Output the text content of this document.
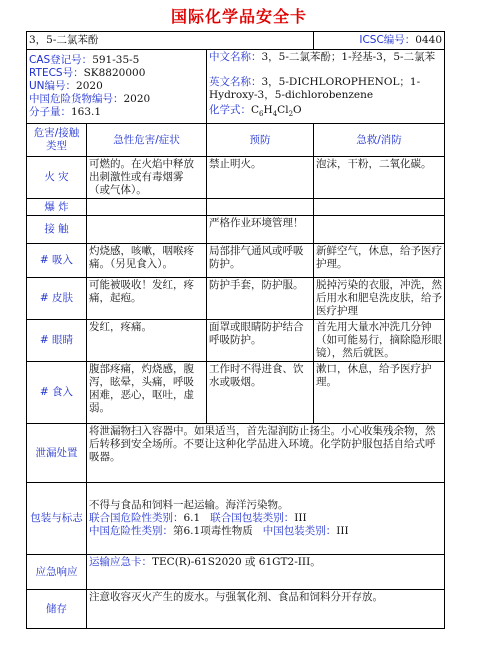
国际化学品安全卡
3，5-二氯苯酚			ICSC编号：0440

CAS登记号：591-35-5
RTECS号：SK8820000
UN编号：2020
中国危险货物编号：2020
分子量：163.1		中文名称：3，5-二氯苯酚；1-羟基-3，5-二氯苯
英文名称：3，5-DICHLOROPHENOL；1-Hydroxy-3，5-dichlorobenzene
化学式：$C_6H_4Cl_2O$	

危害/接触类型	急性危害/症状	预防	急救/消防
火 灾	可燃的。在火焰中释放出刺激性或有毒烟雾（或气体）。	禁止明火。	泡沫，干粉，二氧化碳。
爆 炸			
接 触		严格作业环境管理！	
# 吸入	灼烧感，咳嗽，咽喉疼痛。（另见食入）。	局部排气通风或呼吸防护。	新鲜空气，休息，给予医疗护理。
# 皮肤	可能被吸收！发红，疼痛，起疱。	防护手套，防护服。	脱掉污染的衣服，冲洗，然后用水和肥皂洗皮肤，给予医疗护理
# 眼睛	发红，疼痛。	面罩或眼睛防护结合呼吸防护。	首先用大量水冲洗几分钟（如可能易行，摘除隐形眼镜），然后就医。
# 食入	腹部疼痛，灼烧感，腹泻，眩晕，头痛，呼吸困难，恶心，呕吐，虚弱。	工作时不得进食、饮水或吸烟。	漱口，休息，给予医疗护理。
泄漏处置	将泄漏物扫入容器中。如果适当，首先湿润防止扬尘。小心收集残余物，然后转移到安全场所。不要让这种化学品进入环境。化学防护服包括自给式呼吸器。		
包装与标志	不得与食品和饲料一起运输。海洋污染物。
联合国危险性类别：6.1 联合国包装类别：III
中国危险性类别：第6.1项毒性物质 中国包装类别：III		

应急响应	运输应急卡：TEC(R)-61S2020 或 61GT2-III。		
储存	注意收容灭火产生的废水。与强氧化剂、食品和饲料分开存放。		
